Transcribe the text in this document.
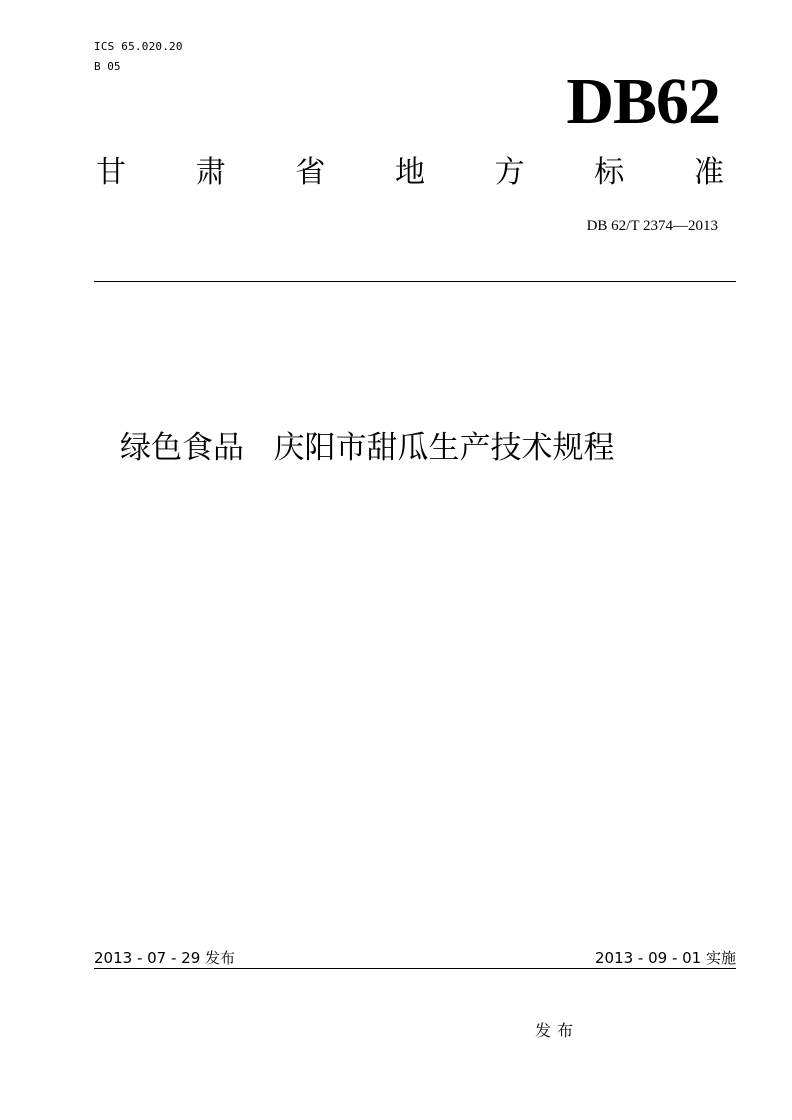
ICS 65.020.20
B 05	DB62
甘 肃 省 地 方 标 准
DB 62/T 2374—2013
绿色食品   庆阳市甜瓜生产技术规程
2013 - 07 - 29 发布	2013 - 09 - 01 实施
发布
